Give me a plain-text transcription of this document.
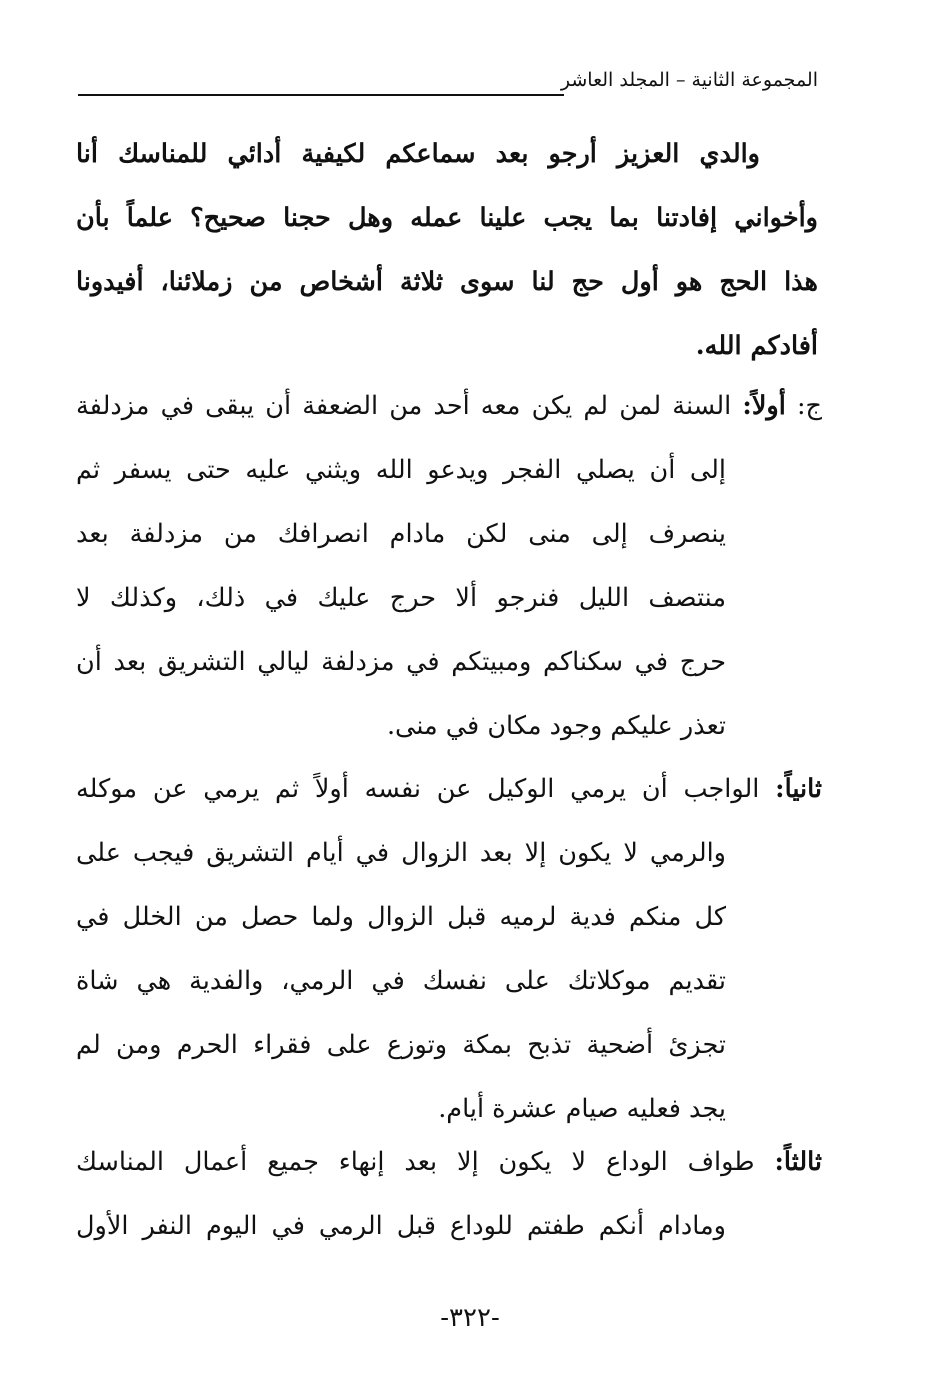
المجموعة الثانية – المجلد العاشر
والدي العزيز أرجو بعد سماعكم لكيفية أدائي للمناسك أنا
وأخواني إفادتنا بما يجب علينا عمله وهل حجنا صحيح؟ علماً بأن
هذا الحج هو أول حج لنا سوى ثلاثة أشخاص من زملائنا، أفيدونا
أفادكم الله.
ج: أولاً: السنة لمن لم يكن معه أحد من الضعفة أن يبقى في مزدلفة
إلى أن يصلي الفجر ويدعو الله ويثني عليه حتى يسفر ثم
ينصرف إلى منى لكن مادام انصرافك من مزدلفة بعد
منتصف الليل فنرجو ألا حرج عليك في ذلك، وكذلك لا
حرج في سكناكم ومبيتكم في مزدلفة ليالي التشريق بعد أن
تعذر عليكم وجود مكان في منى.
ثانياً: الواجب أن يرمي الوكيل عن نفسه أولاً ثم يرمي عن موكله
والرمي لا يكون إلا بعد الزوال في أيام التشريق فيجب على
كل منكم فدية لرميه قبل الزوال ولما حصل من الخلل في
تقديم موكلاتك على نفسك في الرمي، والفدية هي شاة
تجزئ أضحية تذبح بمكة وتوزع على فقراء الحرم ومن لم
يجد فعليه صيام عشرة أيام.
ثالثاً: طواف الوداع لا يكون إلا بعد إنهاء جميع أعمال المناسك
ومادام أنكم طفتم للوداع قبل الرمي في اليوم النفر الأول
-٣٢٢-
